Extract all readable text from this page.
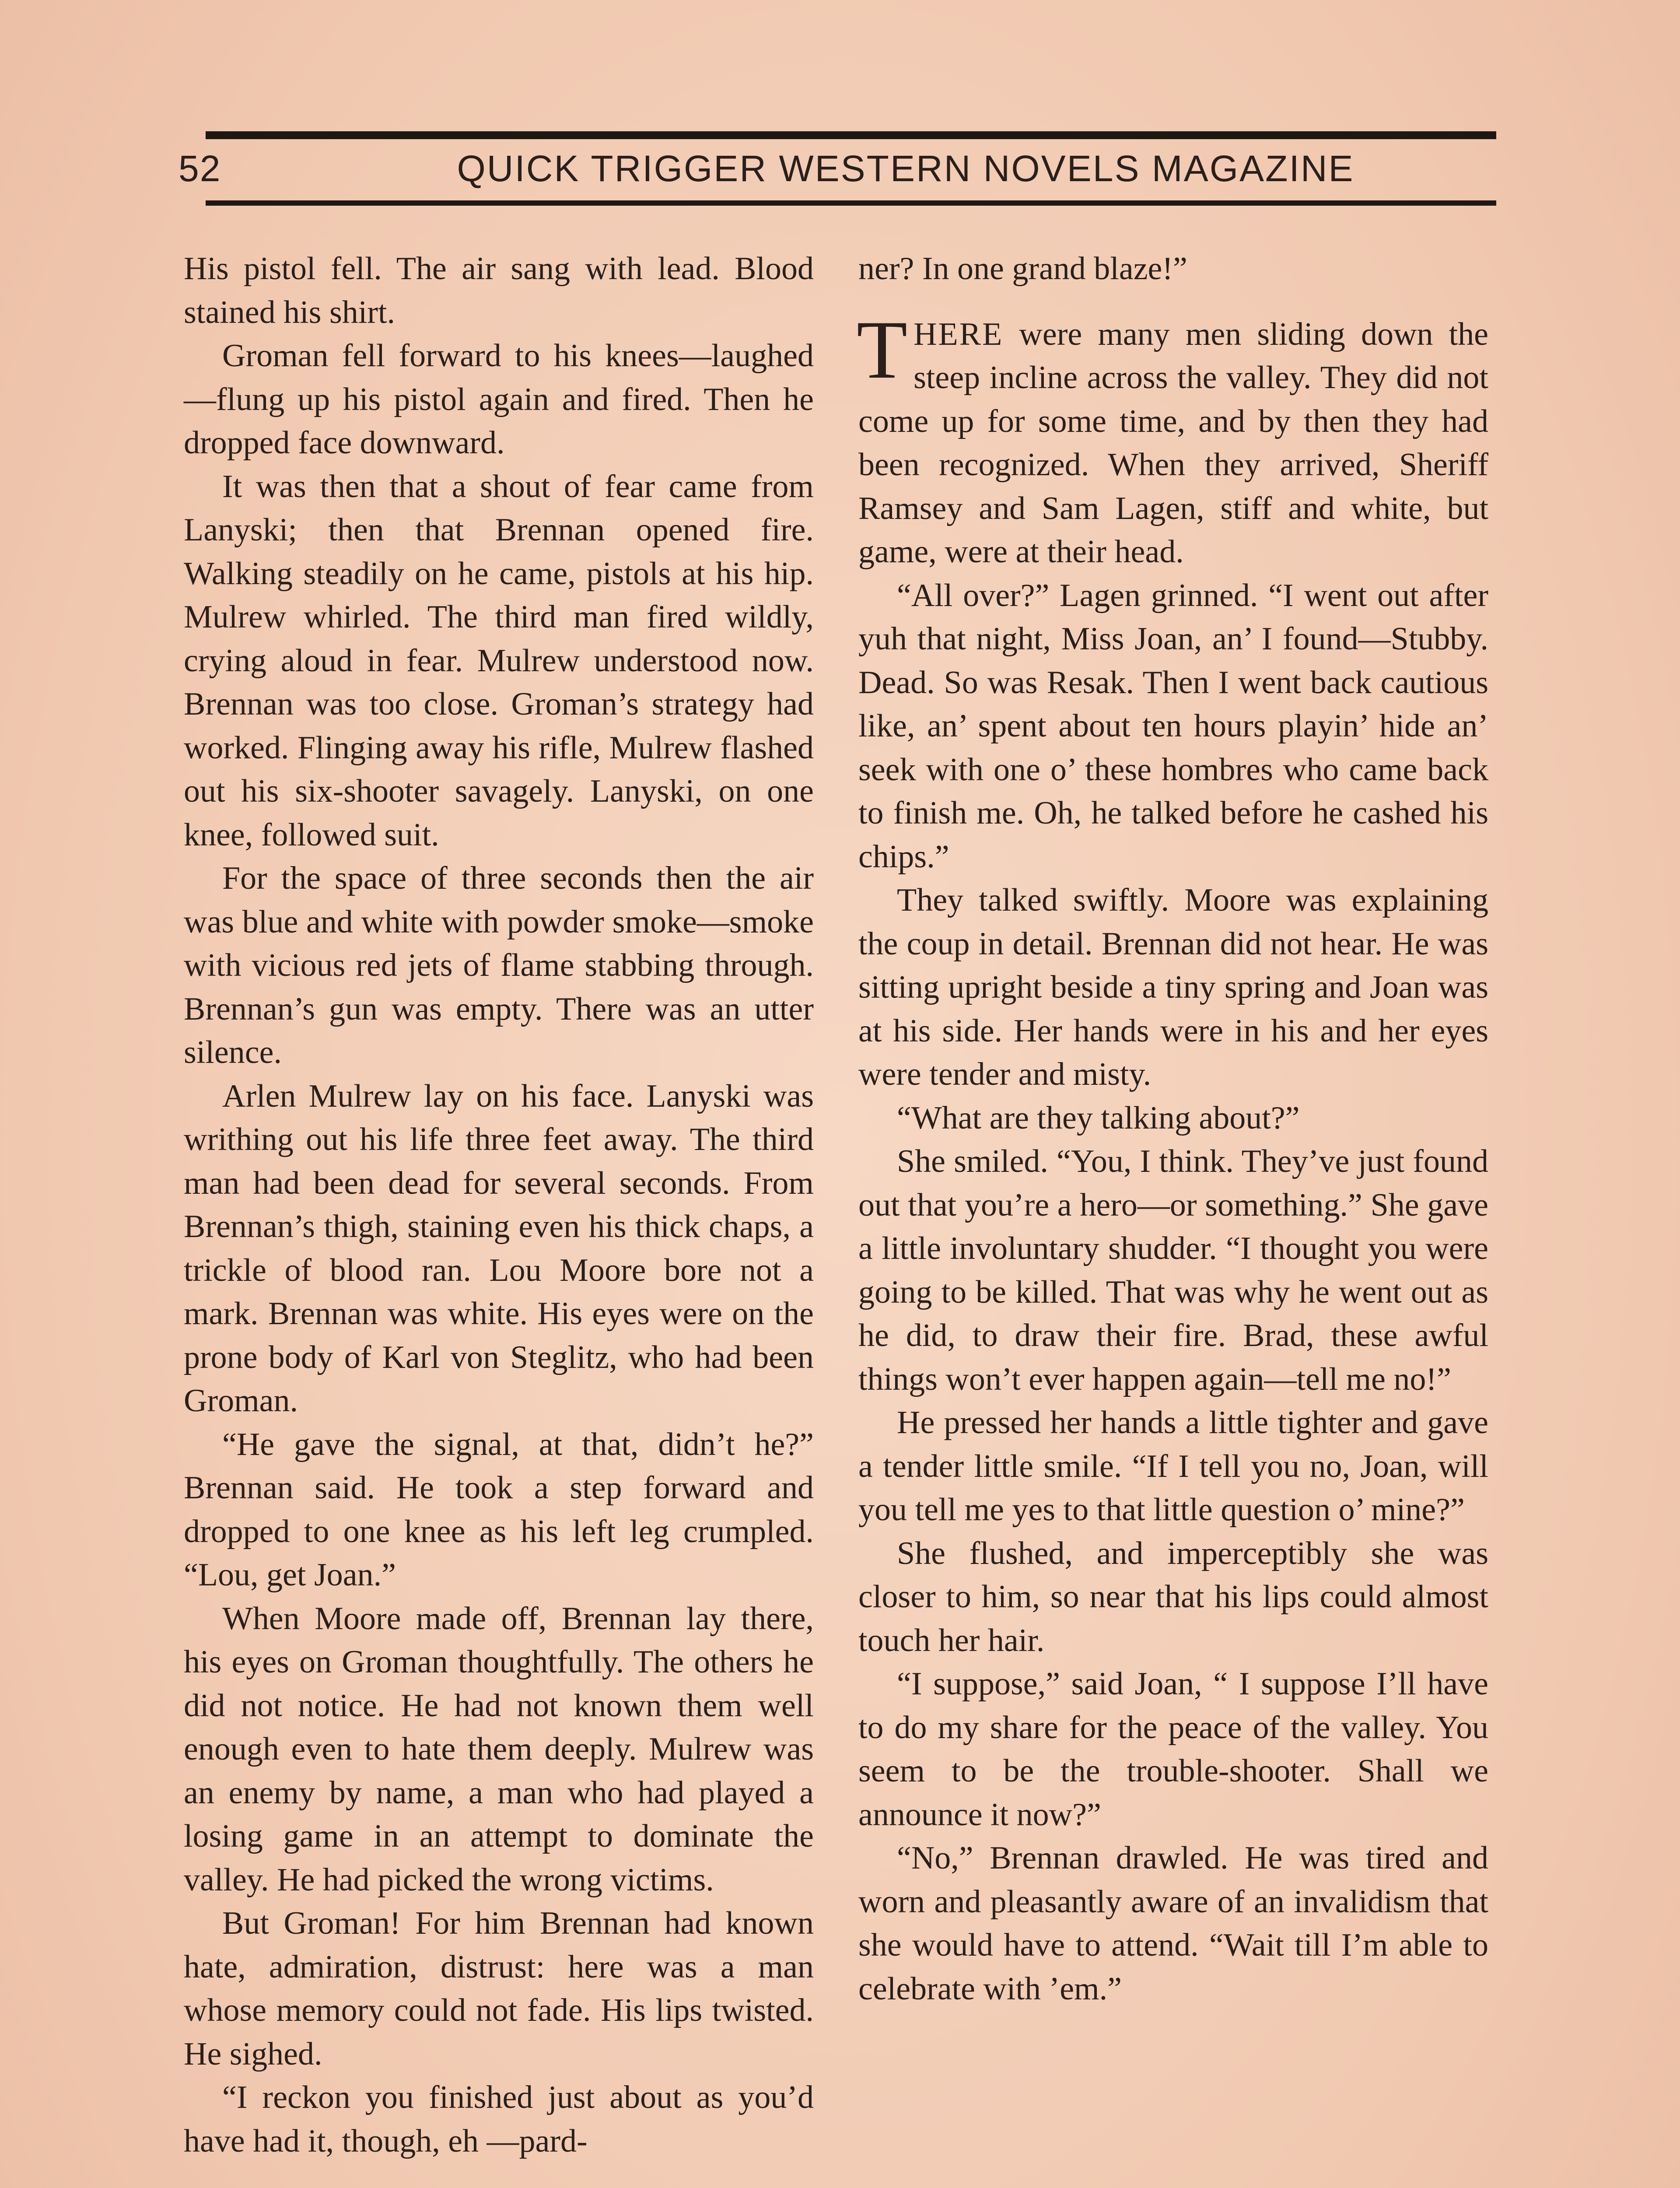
52	QUICK TRIGGER WESTERN NOVELS MAGAZINE

His pistol fell. The air sang with lead. Blood stained his shirt.

Groman fell forward to his knees—laughed—flung up his pistol again and fired. Then he dropped face downward.

It was then that a shout of fear came from Lanyski; then that Brennan opened fire. Walking steadily on he came, pistols at his hip. Mulrew whirled. The third man fired wildly, crying aloud in fear. Mulrew understood now. Brennan was too close. Groman’s strategy had worked. Flinging away his rifle, Mulrew flashed out his six-shooter savagely. Lanyski, on one knee, followed suit.

For the space of three seconds then the air was blue and white with powder smoke—smoke with vicious red jets of flame stabbing through. Brennan’s gun was empty. There was an utter silence.

Arlen Mulrew lay on his face. Lanyski was writhing out his life three feet away. The third man had been dead for several seconds. From Brennan’s thigh, staining even his thick chaps, a trickle of blood ran. Lou Moore bore not a mark. Brennan was white. His eyes were on the prone body of Karl von Steglitz, who had been Groman.

“He gave the signal, at that, didn’t he?” Brennan said. He took a step forward and dropped to one knee as his left leg crumpled. “Lou, get Joan.”

When Moore made off, Brennan lay there, his eyes on Groman thoughtfully. The others he did not notice. He had not known them well enough even to hate them deeply. Mulrew was an enemy by name, a man who had played a losing game in an attempt to dominate the valley. He had picked the wrong victims.

But Groman! For him Brennan had known hate, admiration, distrust: here was a man whose memory could not fade. His lips twisted. He sighed.

“I reckon you finished just about as you’d have had it, though, eh —pard-

ner? In one grand blaze!”

THERE were many men sliding down the steep incline across the valley. They did not come up for some time, and by then they had been recognized. When they arrived, Sheriff Ramsey and Sam Lagen, stiff and white, but game, were at their head.

“All over?” Lagen grinned. “I went out after yuh that night, Miss Joan, an’ I found—Stubby. Dead. So was Resak. Then I went back cautious like, an’ spent about ten hours playin’ hide an’ seek with one o’ these hombres who came back to finish me. Oh, he talked before he cashed his chips.”

They talked swiftly. Moore was explaining the coup in detail. Brennan did not hear. He was sitting upright beside a tiny spring and Joan was at his side. Her hands were in his and her eyes were tender and misty.

“What are they talking about?”

She smiled. “You, I think. They’ve just found out that you’re a hero—or something.” She gave a little involuntary shudder. “I thought you were going to be killed. That was why he went out as he did, to draw their fire. Brad, these awful things won’t ever happen again—tell me no!”

He pressed her hands a little tighter and gave a tender little smile. “If I tell you no, Joan, will you tell me yes to that little question o’ mine?”

She flushed, and imperceptibly she was closer to him, so near that his lips could almost touch her hair.

“I suppose,” said Joan, “ I suppose I’ll have to do my share for the peace of the valley. You seem to be the trouble-shooter. Shall we announce it now?”

“No,” Brennan drawled. He was tired and worn and pleasantly aware of an invalidism that she would have to attend. “Wait till I’m able to celebrate with ’em.”
